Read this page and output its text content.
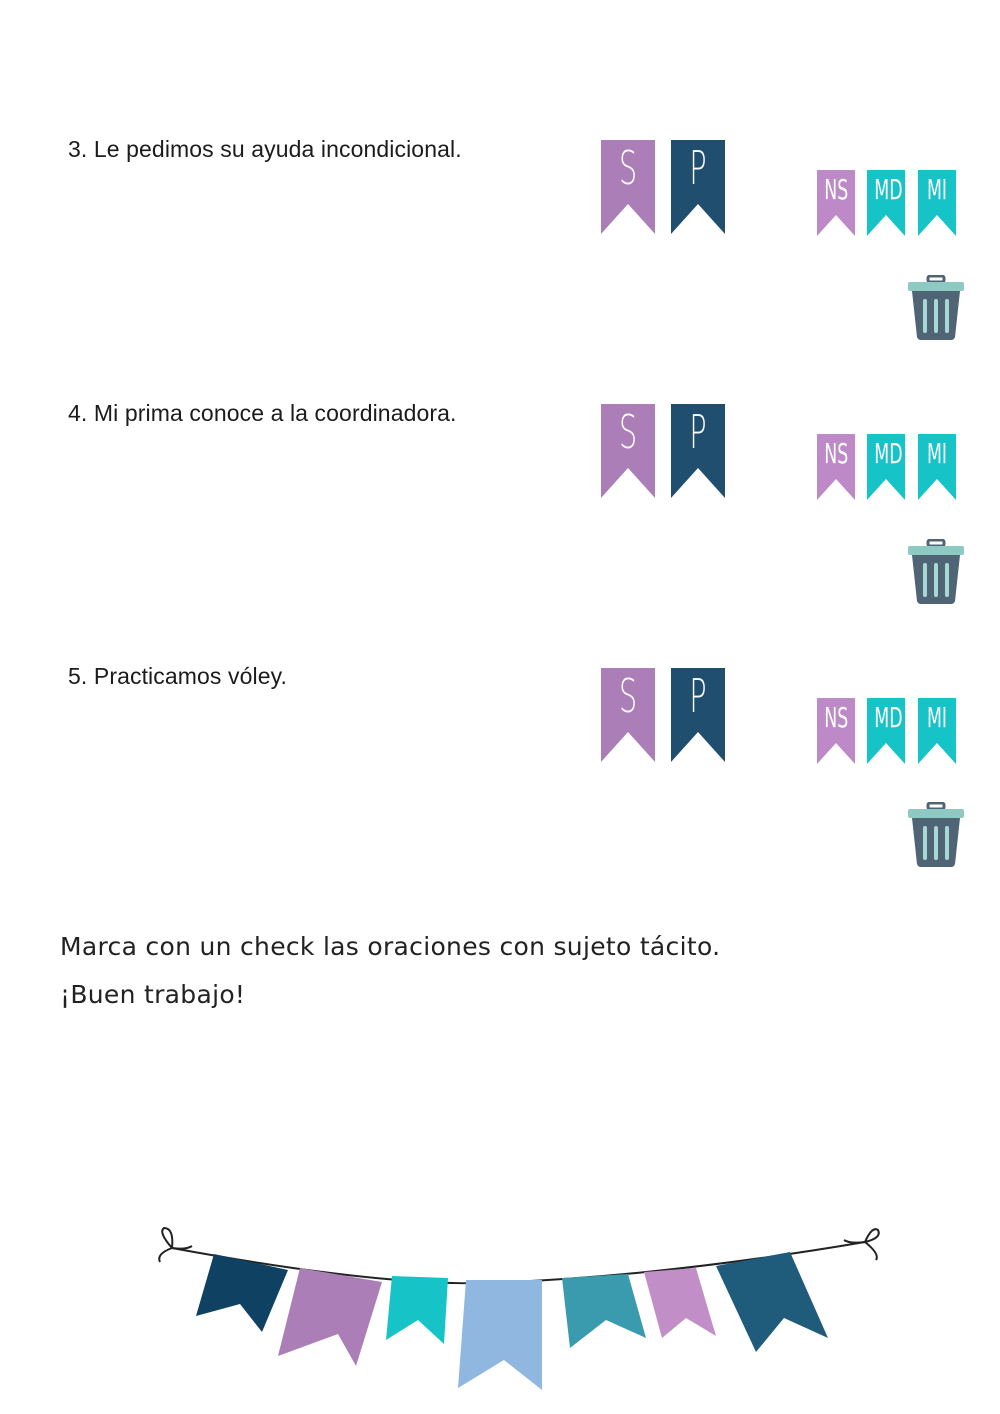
3. Le pedimos su ayuda incondicional.	S P	NS MD MI
4. Mi prima conoce a la coordinadora.	S P	NS MD MI
5. Practicamos vóley.	S P	NS MD MI
Marca con un check las oraciones con sujeto tácito.
¡Buen trabajo!
